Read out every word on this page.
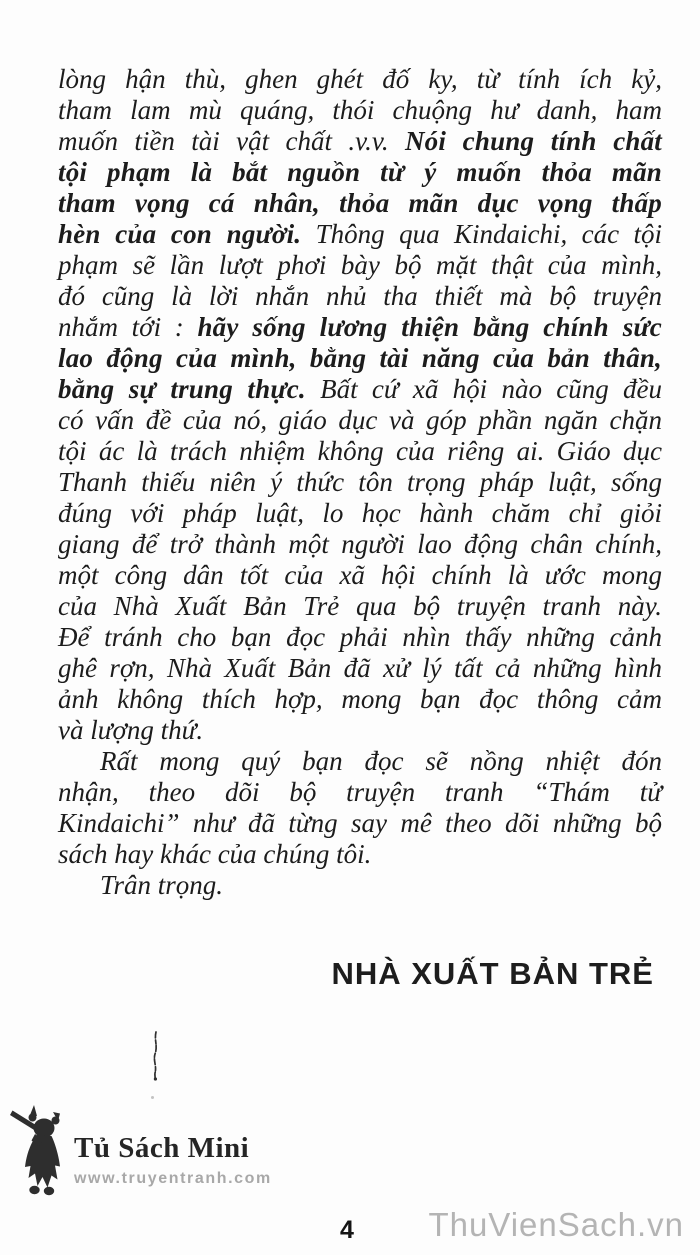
lòng hận thù, ghen ghét đố ky, từ tính ích kỷ,
tham lam mù quáng, thói chuộng hư danh, ham
muốn tiền tài vật chất .v.v. Nói chung tính chất
tội phạm là bắt nguồn từ ý muốn thỏa mãn
tham vọng cá nhân, thỏa mãn dục vọng thấp
hèn của con người. Thông qua Kindaichi, các tội
phạm sẽ lần lượt phơi bày bộ mặt thật của mình,
đó cũng là lời nhắn nhủ tha thiết mà bộ truyện
nhắm tới : hãy sống lương thiện bằng chính sức
lao động của mình, bằng tài năng của bản thân,
bằng sự trung thực. Bất cứ xã hội nào cũng đều
có vấn đề của nó, giáo dục và góp phần ngăn chặn
tội ác là trách nhiệm không của riêng ai. Giáo dục
Thanh thiếu niên ý thức tôn trọng pháp luật, sống
đúng với pháp luật, lo học hành chăm chỉ giỏi
giang để trở thành một người lao động chân chính,
một công dân tốt của xã hội chính là ước mong
của Nhà Xuất Bản Trẻ qua bộ truyện tranh này.
Để tránh cho bạn đọc phải nhìn thấy những cảnh
ghê rợn, Nhà Xuất Bản đã xử lý tất cả những hình
ảnh không thích hợp, mong bạn đọc thông cảm
và lượng thứ.
Rất mong quý bạn đọc sẽ nồng nhiệt đón
nhận, theo dõi bộ truyện tranh “Thám tử
Kindaichi” như đã từng say mê theo dõi những bộ
sách hay khác của chúng tôi.
Trân trọng.
NHÀ XUẤT BẢN TRẺ
Tủ Sách Mini
www.truyentranh.com
4 ThuVienSach.vn
